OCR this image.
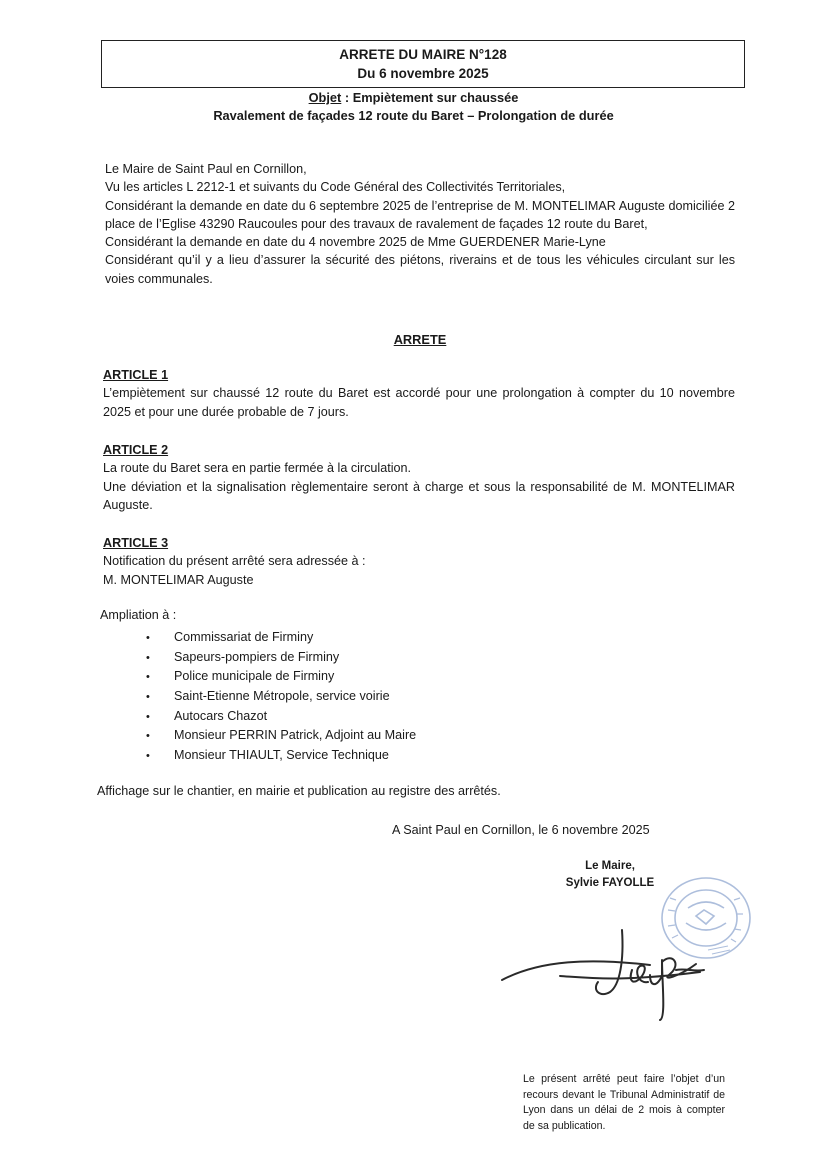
ARRETE DU MAIRE N°128
Du 6 novembre 2025
Objet : Empiètement sur chaussée
Ravalement de façades 12 route du Baret – Prolongation de durée

Le Maire de Saint Paul en Cornillon,

Vu les articles L 2212-1 et suivants du Code Général des Collectivités Territoriales,

Considérant la demande en date du 6 septembre 2025 de l’entreprise de M. MONTELIMAR Auguste domiciliée 2 place de l’Eglise 43290 Raucoules pour des travaux de ravalement de façades 12 route du Baret,

Considérant la demande en date du 4 novembre 2025 de Mme GUERDENER Marie-Lyne

Considérant qu’il y a lieu d’assurer la sécurité des piétons, riverains et de tous les véhicules circulant sur les voies communales.

ARRETE
ARTICLE 1

L’empiètement sur chaussé 12 route du Baret est accordé pour une prolongation à compter du 10 novembre 2025 et pour une durée probable de 7 jours.

ARTICLE 2

La route du Baret sera en partie fermée à la circulation.

Une déviation et la signalisation règlementaire seront à charge et sous la responsabilité de M. MONTELIMAR Auguste.

ARTICLE 3

Notification du présent arrêté sera adressée à :

M. MONTELIMAR Auguste

Ampliation à :
• Commissariat de Firminy
• Sapeurs-pompiers de Firminy
• Police municipale de Firminy
• Saint-Etienne Métropole, service voirie
• Autocars Chazot
• Monsieur PERRIN Patrick, Adjoint au Maire
• Monsieur THIAULT, Service Technique
Affichage sur le chantier, en mairie et publication au registre des arrêtés.
A Saint Paul en Cornillon, le 6 novembre 2025
Le Maire,
Sylvie FAYOLLE
Le présent arrêté peut faire l’objet d’un recours devant le Tribunal Administratif de Lyon dans un délai de 2 mois à compter de sa publication.
